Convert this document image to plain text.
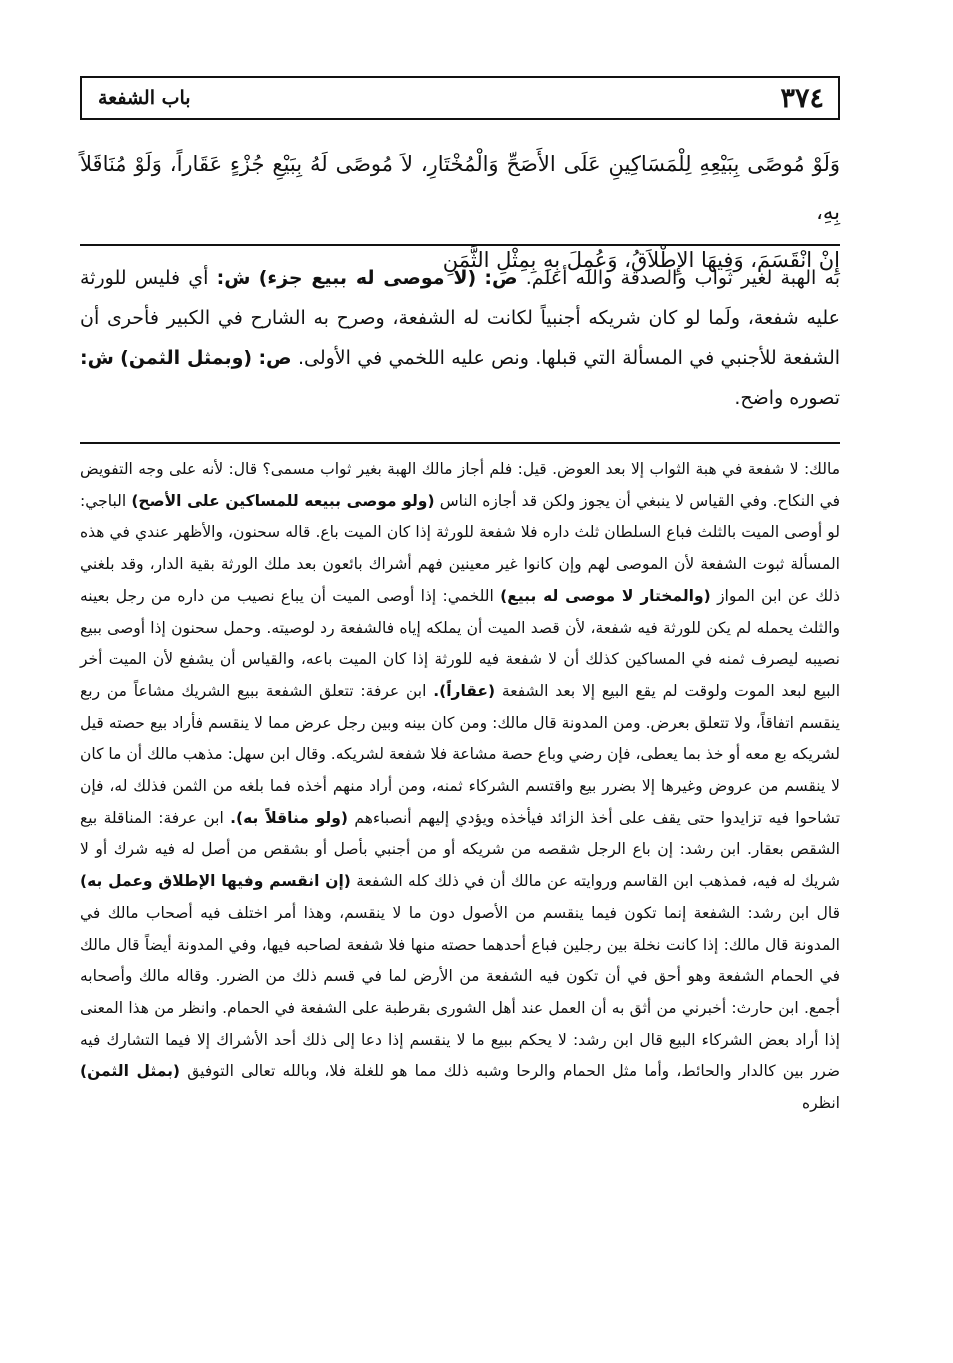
٣٧٤
باب الشفعة

وَلَوْ مُوصًى بِبَيْعِهِ لِلْمَسَاكِينِ عَلَى الأَصَحِّ وَالْمُخْتَارِ، لاَ مُوصًى لَهُ بِبَيْعِ جُزْءٍ عَقَاراً، وَلَوْ مُنَاقَلاً بِهِ،

إِنْ انْقَسَمَ، وَفِيهَا الإِطْلاَقُ، وَعُمِلَ بِهِ بِمِثْلِ الثَّمَنِ

به الهبة لغير ثواب والصدقة والله أعلم. ص: (لا موصى له ببيع جزء) ش: أي فليس للورثة عليه شفعة، ولَما لو كان شريكه أجنبياً لكانت له الشفعة، وصرح به الشارح في الكبير فأحرى أن الشفعة للأجنبي في المسألة التي قبلها. ونص عليه اللخمي في الأولى. ص: (وبمثل الثمن) ش: تصوره واضح.

مالك: لا شفعة في هبة الثواب إلا بعد العوض. قيل: فلم أجاز مالك الهبة بغير ثواب مسمى؟ قال: لأنه على وجه التفويض في النكاح. وفي القياس لا ينبغي أن يجوز ولكن قد أجازه الناس (ولو موصى ببيعه للمساكين على الأصح) الباجي: لو أوصى الميت بالثلث فباع السلطان ثلث داره فلا شفعة للورثة إذا كان الميت باع. قاله سحنون، والأظهر عندي في هذه المسألة ثبوت الشفعة لأن الموصى لهم وإن كانوا غير معينين فهم أشراك بائعون بعد ملك الورثة بقية الدار، وقد بلغني ذلك عن ابن المواز (والمختار لا موصى له ببيع) اللخمي: إذا أوصى الميت أن يباع نصيب من داره من رجل بعينه والثلث يحمله لم يكن للورثة فيه شفعة، لأن قصد الميت أن يملكه إياه فالشفعة رد لوصيته. وحمل سحنون إذا أوصى ببيع نصيبه ليصرف ثمنه في المساكين كذلك أن لا شفعة فيه للورثة إذا كان الميت باعه، والقياس أن يشفع لأن الميت أخر البيع لبعد الموت ولوقت لم يقع البيع إلا بعد الشفعة (عقاراً). ابن عرفة: تتعلق الشفعة ببيع الشريك مشاعاً من ربع ينقسم اتفاقاً، ولا تتعلق بعرض. ومن المدونة قال مالك: ومن كان بينه وبين رجل عرض مما لا ينقسم فأراد بيع حصته قيل لشريكه بع معه أو خذ بما يعطى، فإن رضي وباع حصة مشاعة فلا شفعة لشريكه. وقال ابن سهل: مذهب مالك أن ما كان لا ينقسم من عروض وغيرها إلا بضرر بيع واقتسم الشركاء ثمنه، ومن أراد منهم أخذه فما بلغه من الثمن فذلك له، فإن تشاحوا فيه تزايدوا حتى يقف على أخذ الزائد فيأخذه ويؤدي إليهم أنصباءهم (ولو مناقلاً به). ابن عرفة: المناقلة بيع الشقص بعقار. ابن رشد: إن باع الرجل شقصه من شريكه أو من أجنبي بأصل أو بشقص من أصل له فيه شرك أو لا شريك له فيه، فمذهب ابن القاسم وروايته عن مالك أن في ذلك كله الشفعة (إن انقسم وفيها الإطلاق وعمل به) قال ابن رشد: الشفعة إنما تكون فيما ينقسم من الأصول دون ما لا ينقسم، وهذا أمر اختلف فيه أصحاب مالك في المدونة قال مالك: إذا كانت نخلة بين رجلين فباع أحدهما حصته منها فلا شفعة لصاحبه فيها، وفي المدونة أيضاً قال مالك في الحمام الشفعة وهو أحق في أن تكون فيه الشفعة من الأرض لما في قسم ذلك من الضرر. وقاله مالك وأصحابه أجمع. ابن حارث: أخبرني من أثق به أن العمل عند أهل الشورى بقرطبة على الشفعة في الحمام. وانظر من هذا المعنى إذا أراد بعض الشركاء البيع قال ابن رشد: لا يحكم ببيع ما لا ينقسم إذا دعا إلى ذلك أحد الأشراك إلا فيما التشارك فيه ضرر بين كالدار والحائط، وأما مثل الحمام والرحا وشبه ذلك مما هو للغلة فلا، وبالله تعالى التوفيق (بمثل الثمن) انظره
